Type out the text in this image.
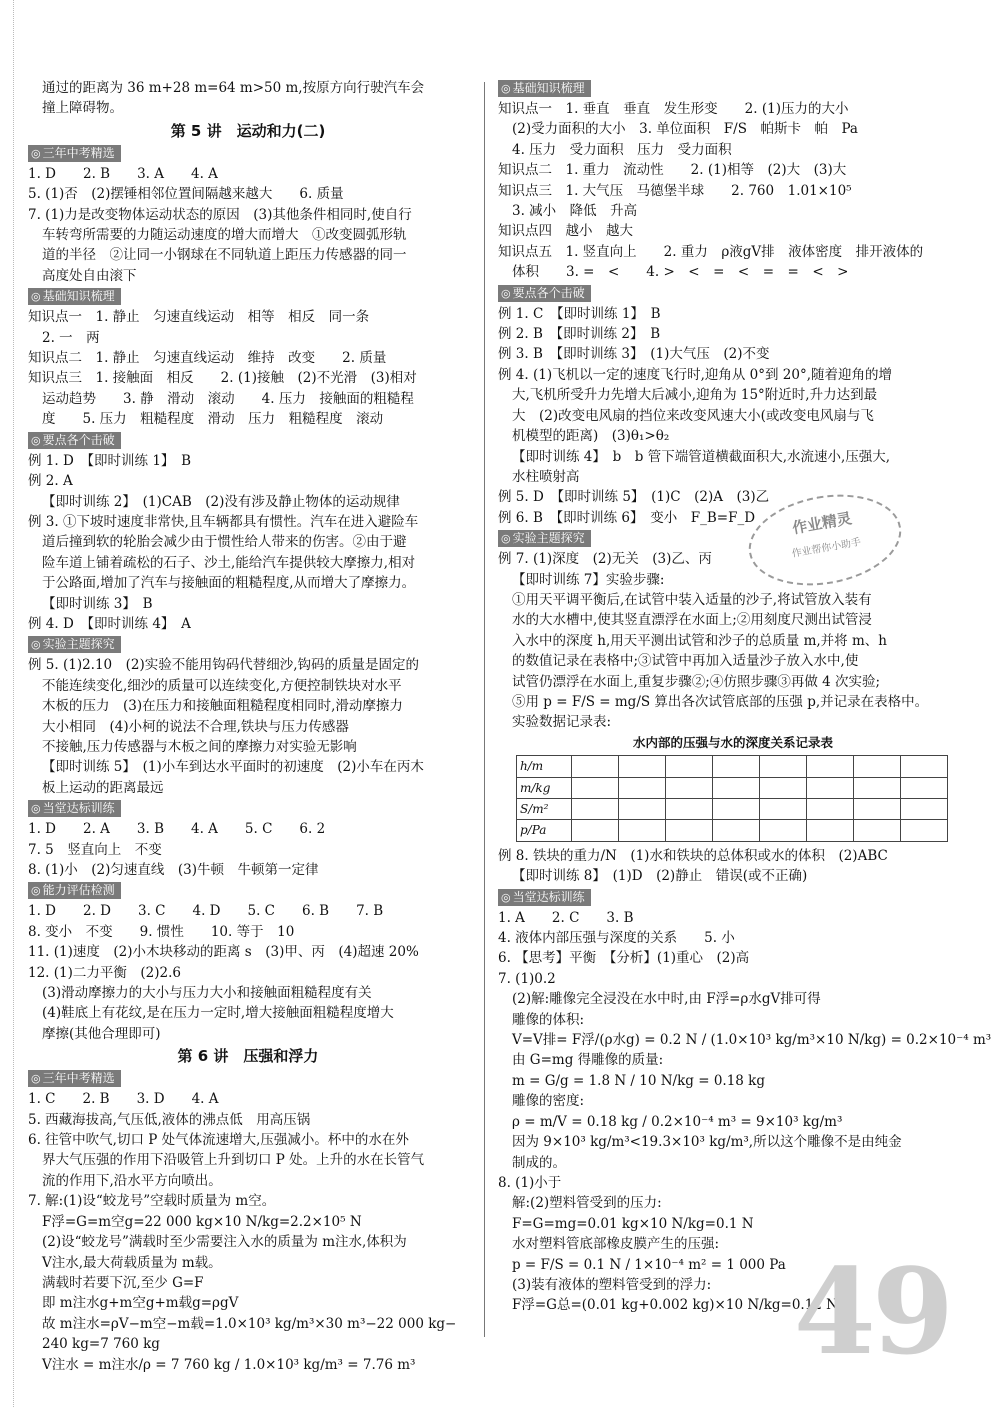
通过的距离为 36 m+28 m=64 m>50 m,按原方向行驶汽车会
撞上障碍物。
第 5 讲　运动和力(二)
◎ 三年中考精选
1. D　　2. B　　3. A　　4. A
5. (1)否　(2)摆锤相邻位置间隔越来越大　　6. 质量
7. (1)力是改变物体运动状态的原因　(3)其他条件相同时,使自行
车转弯所需要的力随运动速度的增大而增大　①改变圆弧形轨
道的半径　②让同一小钢球在不同轨道上距压力传感器的同一
高度处自由滚下
◎ 基础知识梳理
知识点一　1. 静止　匀速直线运动　相等　相反　同一条
2. 一　两
知识点二　1. 静止　匀速直线运动　维持　改变　　2. 质量
知识点三　1. 接触面　相反　　2. (1)接触　(2)不光滑　(3)相对
运动趋势　　3. 静　滑动　滚动　　4. 压力　接触面的粗糙程
度　　5. 压力　粗糙程度　滑动　压力　粗糙程度　滚动
◎ 要点各个击破
例 1. D　【即时训练 1】　B
例 2. A
【即时训练 2】　(1)CAB　(2)没有涉及静止物体的运动规律
例 3. ①下坡时速度非常快,且车辆都具有惯性。汽车在进入避险车
道后撞到软的轮胎会减少由于惯性给人带来的伤害。②由于避
险车道上铺着疏松的石子、沙土,能给汽车提供较大摩擦力,相对
于公路面,增加了汽车与接触面的粗糙程度,从而增大了摩擦力。
【即时训练 3】　B
例 4. D　【即时训练 4】　A
◎ 实验主题探究
例 5. (1)2.10　(2)实验不能用钩码代替细沙,钩码的质量是固定的
不能连续变化,细沙的质量可以连续变化,方便控制铁块对水平
木板的压力　(3)在压力和接触面粗糙程度相同时,滑动摩擦力
大小相同　(4)小柯的说法不合理,铁块与压力传感器
不接触,压力传感器与木板之间的摩擦力对实验无影响
【即时训练 5】　(1)小车到达水平面时的初速度　(2)小车在丙木
板上运动的距离最远
◎ 当堂达标训练
1. D　　2. A　　3. B　　4. A　　5. C　　6. 2
7. 5　竖直向上　不变
8. (1)小　(2)匀速直线　(3)牛顿　牛顿第一定律
◎ 能力评估检测
1. D　　2. D　　3. C　　4. D　　5. C　　6. B　　7. B
8. 变小　不变　　9. 惯性　　10. 等于　10
11. (1)速度　(2)小木块移动的距离 s　(3)甲、丙　(4)超速 20%
12. (1)二力平衡　(2)2.6
(3)滑动摩擦力的大小与压力大小和接触面粗糙程度有关
(4)鞋底上有花纹,是在压力一定时,增大接触面粗糙程度增大
摩擦(其他合理即可)
第 6 讲　压强和浮力
◎ 三年中考精选
1. C　　2. B　　3. D　　4. A
5. 西藏海拔高,气压低,液体的沸点低　用高压锅
6. 往管中吹气,切口 P 处气体流速增大,压强减小。杯中的水在外
界大气压强的作用下沿吸管上升到切口 P 处。上升的水在长管气
流的作用下,沿水平方向喷出。
7. 解:(1)设“蛟龙号”空载时质量为 m空。
F浮=G=m空g=22 000 kg×10 N/kg=2.2×10⁵ N
(2)设“蛟龙号”满载时至少需要注入水的质量为 m注水,体积为
V注水,最大荷载质量为 m载。
满载时若要下沉,至少 G=F
即 m注水g+m空g+m载g=ρgV
故 m注水=ρV−m空−m载=1.0×10³ kg/m³×30 m³−22 000 kg−
240 kg=7 760 kg
V注水 = m注水/ρ = 7 760 kg / 1.0×10³ kg/m³ = 7.76 m³
◎ 基础知识梳理
知识点一　1. 垂直　垂直　发生形变　　2. (1)压力的大小
(2)受力面积的大小　3. 单位面积　F/S　帕斯卡　帕　Pa
4. 压力　受力面积　压力　受力面积
知识点二　1. 重力　流动性　　2. (1)相等　(2)大　(3)大
知识点三　1. 大气压　马德堡半球　　2. 760　1.01×10⁵
3. 减小　降低　升高
知识点四　越小　越大
知识点五　1. 竖直向上　　2. 重力　ρ液gV排　液体密度　排开液体的
体积　　3. =　<　　4. >　<　=　<　=　=　<　>
◎ 要点各个击破
例 1. C　【即时训练 1】　B
例 2. B　【即时训练 2】　B
例 3. B　【即时训练 3】　(1)大气压　(2)不变
例 4. (1)飞机以一定的速度飞行时,迎角从 0°到 20°,随着迎角的增
大,飞机所受升力先增大后减小,迎角为 15°附近时,升力达到最
大　(2)改变电风扇的挡位来改变风速大小(或改变电风扇与飞
机模型的距离)　(3)θ₁>θ₂
【即时训练 4】　b　b 管下端管道横截面积大,水流速小,压强大,
水柱喷射高
例 5. D　【即时训练 5】　(1)C　(2)A　(3)乙
例 6. B　【即时训练 6】　变小　F_B=F_D
◎ 实验主题探究
例 7. (1)深度　(2)无关　(3)乙、丙
【即时训练 7】实验步骤:
①用天平调平衡后,在试管中装入适量的沙子,将试管放入装有
水的大水槽中,使其竖直漂浮在水面上;②用刻度尺测出试管浸
入水中的深度 h,用天平测出试管和沙子的总质量 m,并将 m、h
的数值记录在表格中;③试管中再加入适量沙子放入水中,使
试管仍漂浮在水面上,重复步骤②;④仿照步骤③再做 4 次实验;
⑤用 p = F/S = mg/S 算出各次试管底部的压强 p,并记录在表格中。
实验数据记录表:
水内部的压强与水的深度关系记录表
h/m								
m/kg								
S/m²								
p/Pa								
例 8. 铁块的重力/N　(1)水和铁块的总体积或水的体积　(2)ABC
【即时训练 8】　(1)D　(2)静止　错误(或不正确)
◎ 当堂达标训练
1. A　　2. C　　3. B
4. 液体内部压强与深度的关系　　5. 小
6. 【思考】平衡　【分析】(1)重心　(2)高
7. (1)0.2
(2)解:雕像完全浸没在水中时,由 F浮=ρ水gV排可得
雕像的体积:
V=V排= F浮/(ρ水g) = 0.2 N / (1.0×10³ kg/m³×10 N/kg) = 0.2×10⁻⁴ m³
由 G=mg 得雕像的质量:
m = G/g = 1.8 N / 10 N/kg = 0.18 kg
雕像的密度:
ρ = m/V = 0.18 kg / 0.2×10⁻⁴ m³ = 9×10³ kg/m³
因为 9×10³ kg/m³<19.3×10³ kg/m³,所以这个雕像不是由纯金
制成的。
8. (1)小于
解:(2)塑料管受到的压力:
F=G=mg=0.01 kg×10 N/kg=0.1 N
水对塑料管底部橡皮膜产生的压强:
p = F/S = 0.1 N / 1×10⁻⁴ m² = 1 000 Pa
(3)装有液体的塑料管受到的浮力:
F浮=G总=(0.01 kg+0.002 kg)×10 N/kg=0.12 N
作业精灵
作业帮你小助手
49
